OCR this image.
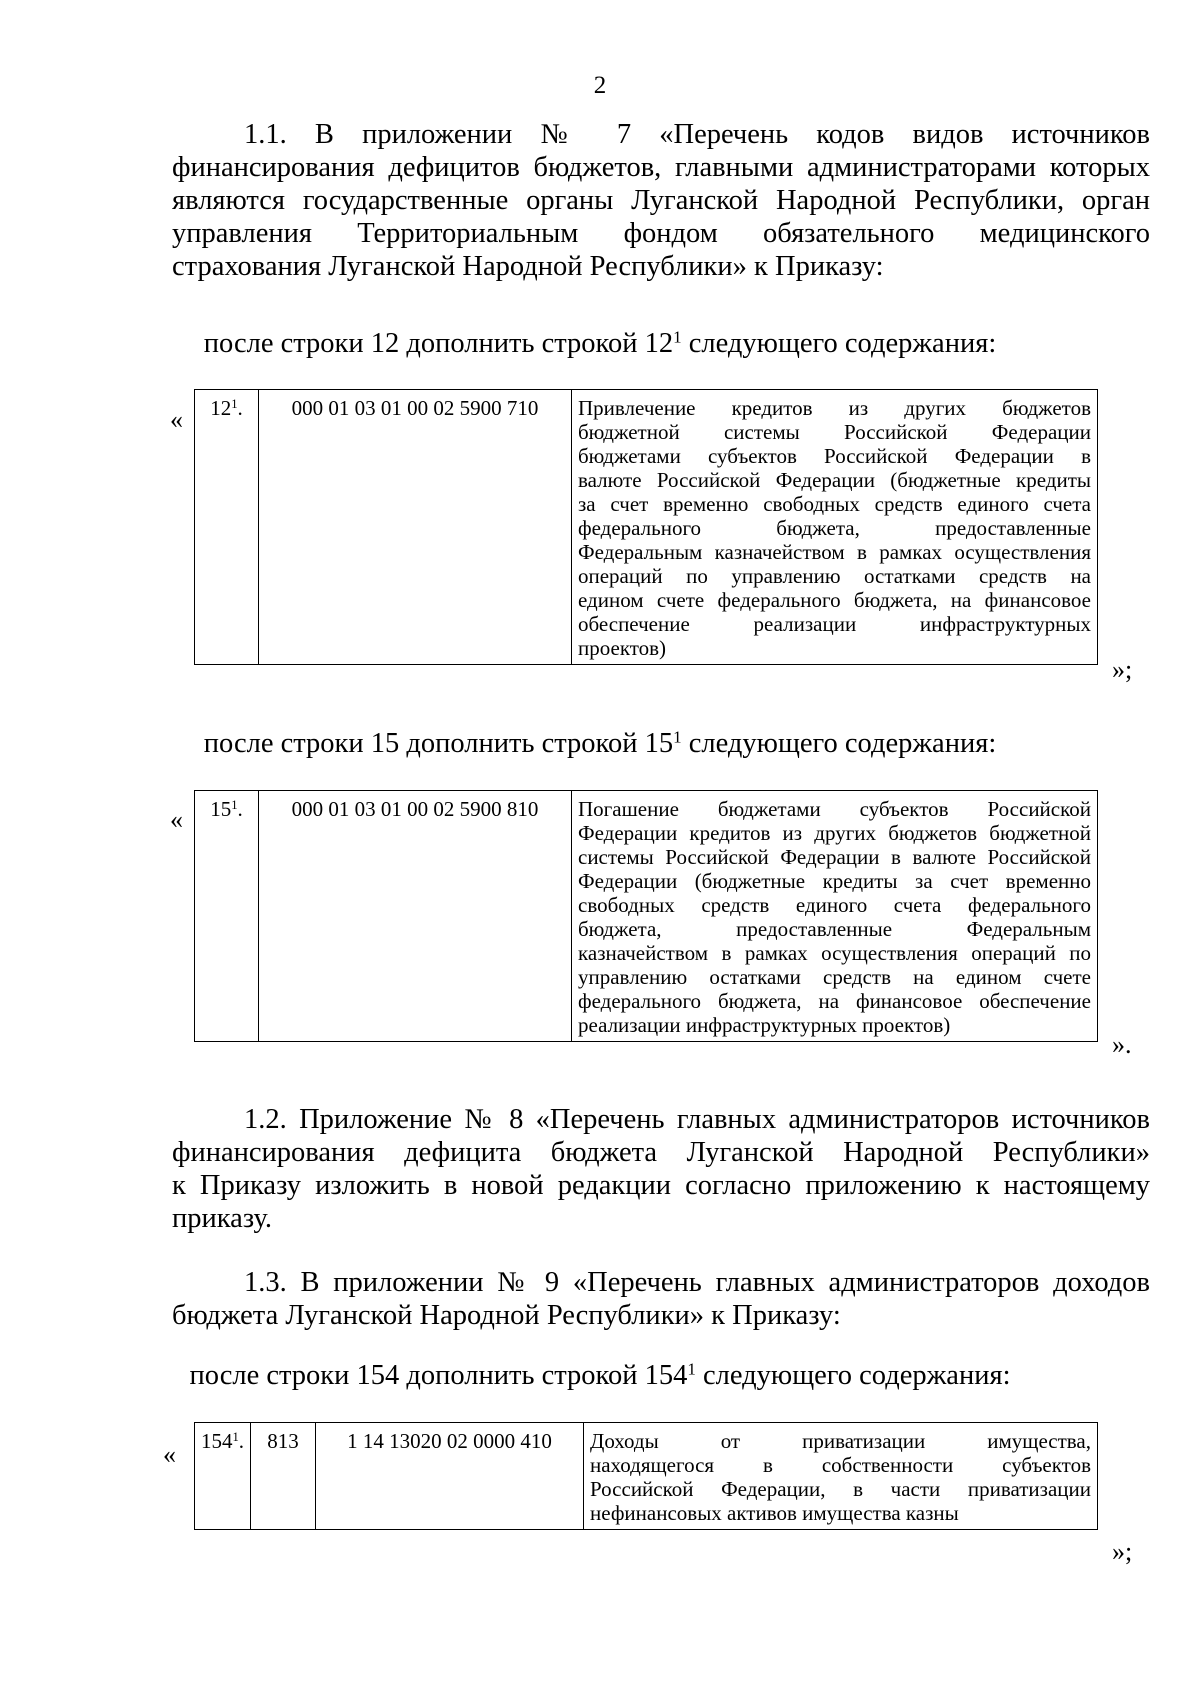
2
1.1. В приложении № 7 «Перечень кодов видов источников
финансирования дефицитов бюджетов, главными администраторами которых
являются государственные органы Луганской Народной Республики, орган
управления Территориальным фондом обязательного медицинского
страхования Луганской Народной Республики» к Приказу:
после строки 12 дополнить строкой $12^1$ следующего содержания:
« $12^1$.	000 01 03 01 00 02 5900 710	Привлечение кредитов из других бюджетов
бюджетной системы Российской Федерации
бюджетами субъектов Российской Федерации в
валюте Российской Федерации (бюджетные кредиты
за счет временно свободных средств единого счета
федерального бюджета, предоставленные
Федеральным казначейством в рамках осуществления
операций по управлению остатками средств на
едином счете федерального бюджета, на финансовое
обеспечение реализации инфраструктурных
проектов)
»;
после строки 15 дополнить строкой $15^1$ следующего содержания:
« $15^1$.	000 01 03 01 00 02 5900 810	Погашение бюджетами субъектов Российской
Федерации кредитов из других бюджетов бюджетной
системы Российской Федерации в валюте Российской
Федерации (бюджетные кредиты за счет временно
свободных средств единого счета федерального
бюджета, предоставленные Федеральным
казначейством в рамках осуществления операций по
управлению остатками средств на едином счете
федерального бюджета, на финансовое обеспечение
реализации инфраструктурных проектов)
».
1.2. Приложение № 8 «Перечень главных администраторов источников
финансирования дефицита бюджета Луганской Народной Республики»
к Приказу изложить в новой редакции согласно приложению к настоящему
приказу.
1.3. В приложении № 9 «Перечень главных администраторов доходов
бюджета Луганской Народной Республики» к Приказу:
после строки 154 дополнить строкой $154^1$ следующего содержания:
« $154^1$.	813	1 14 13020 02 0000 410	Доходы от приватизации имущества,
находящегося в собственности субъектов
Российской Федерации, в части приватизации
нефинансовых активов имущества казны
»;
